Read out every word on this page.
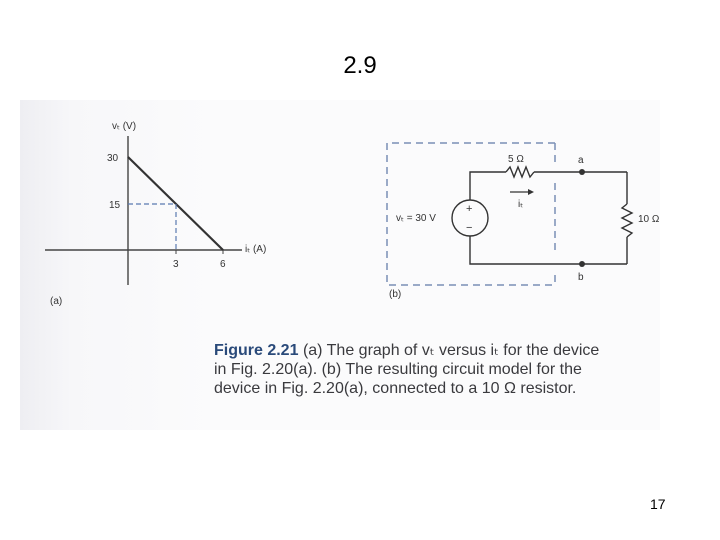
2.9
vₜ (V)
iₜ (A)
30
15
3	6
(a)
+
−
5 Ω
iₜ
vₜ = 30 V	10 Ω
a
b
(b)
Figure 2.21 (a) The graph of vₜ versus iₜ for the device in Fig. 2.20(a). (b) The resulting circuit model for the device in Fig. 2.20(a), connected to a 10 Ω resistor.
17
